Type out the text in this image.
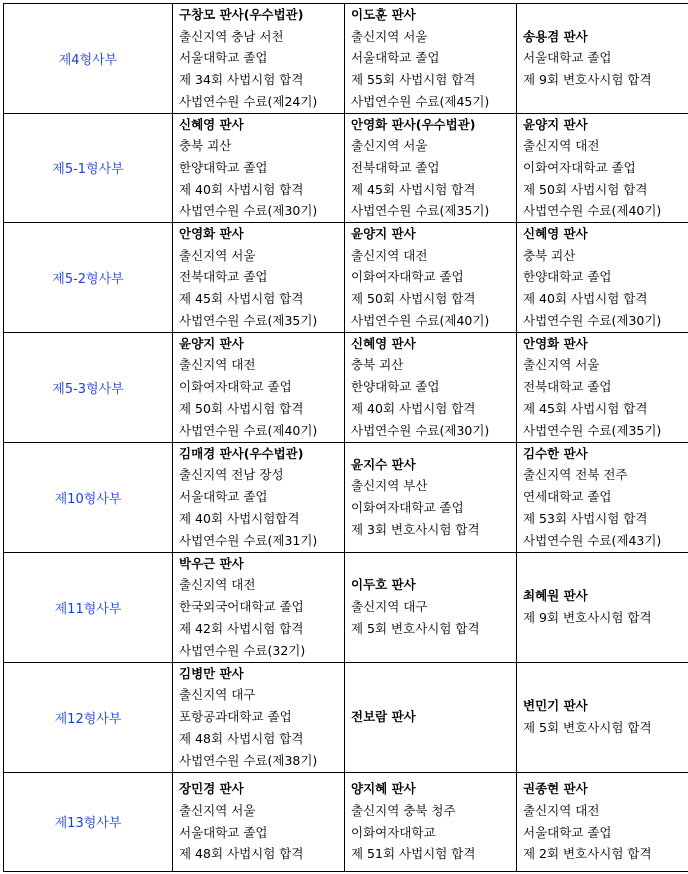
제4형사부	구창모 판사(우수법관)
출신지역 충남 서천
서울대학교 졸업
제 34회 사법시험 합격
사법연수원 수료(제24기)	이도훈 판사
출신지역 서울
서울대학교 졸업
제 55회 사법시험 합격
사법연수원 수료(제45기)	송용겸 판사
서울대학교 졸업
제 9회 변호사시험 합격

제5-1형사부	신혜영 판사
충북 괴산
한양대학교 졸업
제 40회 사법시험 합격
사법연수원 수료(제30기)	안영화 판사(우수법관)
출신지역 서울
전북대학교 졸업
제 45회 사법시험 합격
사법연수원 수료(제35기)	윤양지 판사
출신지역 대전
이화여자대학교 졸업
제 50회 사법시험 합격
사법연수원 수료(제40기)

제5-2형사부	안영화 판사
출신지역 서울
전북대학교 졸업
제 45회 사법시험 합격
사법연수원 수료(제35기)	윤양지 판사
출신지역 대전
이화여자대학교 졸업
제 50회 사법시험 합격
사법연수원 수료(제40기)	신혜영 판사
충북 괴산
한양대학교 졸업
제 40회 사법시험 합격
사법연수원 수료(제30기)

제5-3형사부	윤양지 판사
출신지역 대전
이화여자대학교 졸업
제 50회 사법시험 합격
사법연수원 수료(제40기)	신혜영 판사
충북 괴산
한양대학교 졸업
제 40회 사법시험 합격
사법연수원 수료(제30기)	안영화 판사
출신지역 서울
전북대학교 졸업
제 45회 사법시험 합격
사법연수원 수료(제35기)

제10형사부	김매경 판사(우수법관)
출신지역 전남 장성
서울대학교 졸업
제 40회 사법시험합격
사법연수원 수료(제31기)	윤지수 판사
출신지역 부산
이화여자대학교 졸업
제 3회 변호사시험 합격	김수한 판사
출신지역 전북 전주
연세대학교 졸업
제 53회 사법시험 합격
사법연수원 수료(제43기)

제11형사부	박우근 판사
출신지역 대전
한국외국어대학교 졸업
제 42회 사법시험 합격
사법연수원 수료(32기)	이두호 판사
출신지역 대구
제 5회 변호사시험 합격	최혜원 판사
제 9회 변호사시험 합격

제12형사부	김병만 판사
출신지역 대구
포항공과대학교 졸업
제 48회 사법시험 합격
사법연수원 수료(제38기)	전보람 판사	변민기 판사
제 5회 변호사시험 합격

제13형사부	장민경 판사
출신지역 서울
서울대학교 졸업
제 48회 사법시험 합격	양지혜 판사
출신지역 충북 청주
이화여자대학교
제 51회 사법시험 합격	권종현 판사
출신지역 대전
서울대학교 졸업
제 2회 변호사시험 합격
